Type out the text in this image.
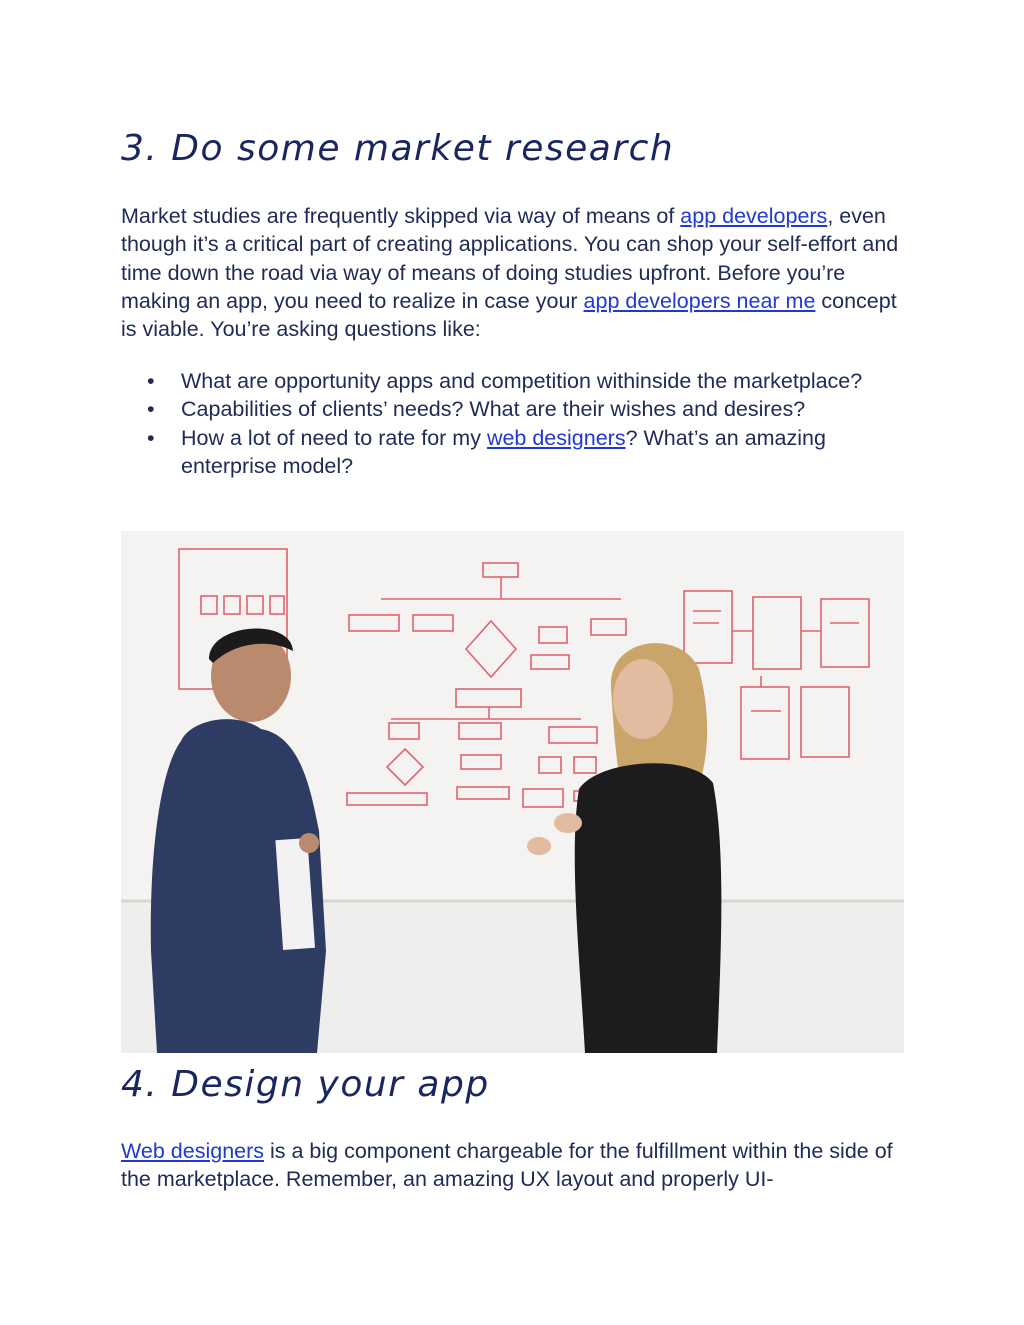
3. Do some market research

Market studies are frequently skipped via way of means of app developers, even though it’s a critical part of creating applications. You can shop your self-effort and time down the road via way of means of doing studies upfront. Before you’re making an app, you need to realize in case your app developers near me concept is viable. You’re asking questions like:

• What are opportunity apps and competition withinside the marketplace?
• Capabilities of clients’ needs? What are their wishes and desires?
• How a lot of need to rate for my web designers? What’s an amazing enterprise model?
4. Design your app

Web designers is a big component chargeable for the fulfillment within the side of the marketplace. Remember, an amazing UX layout and properly UI-
